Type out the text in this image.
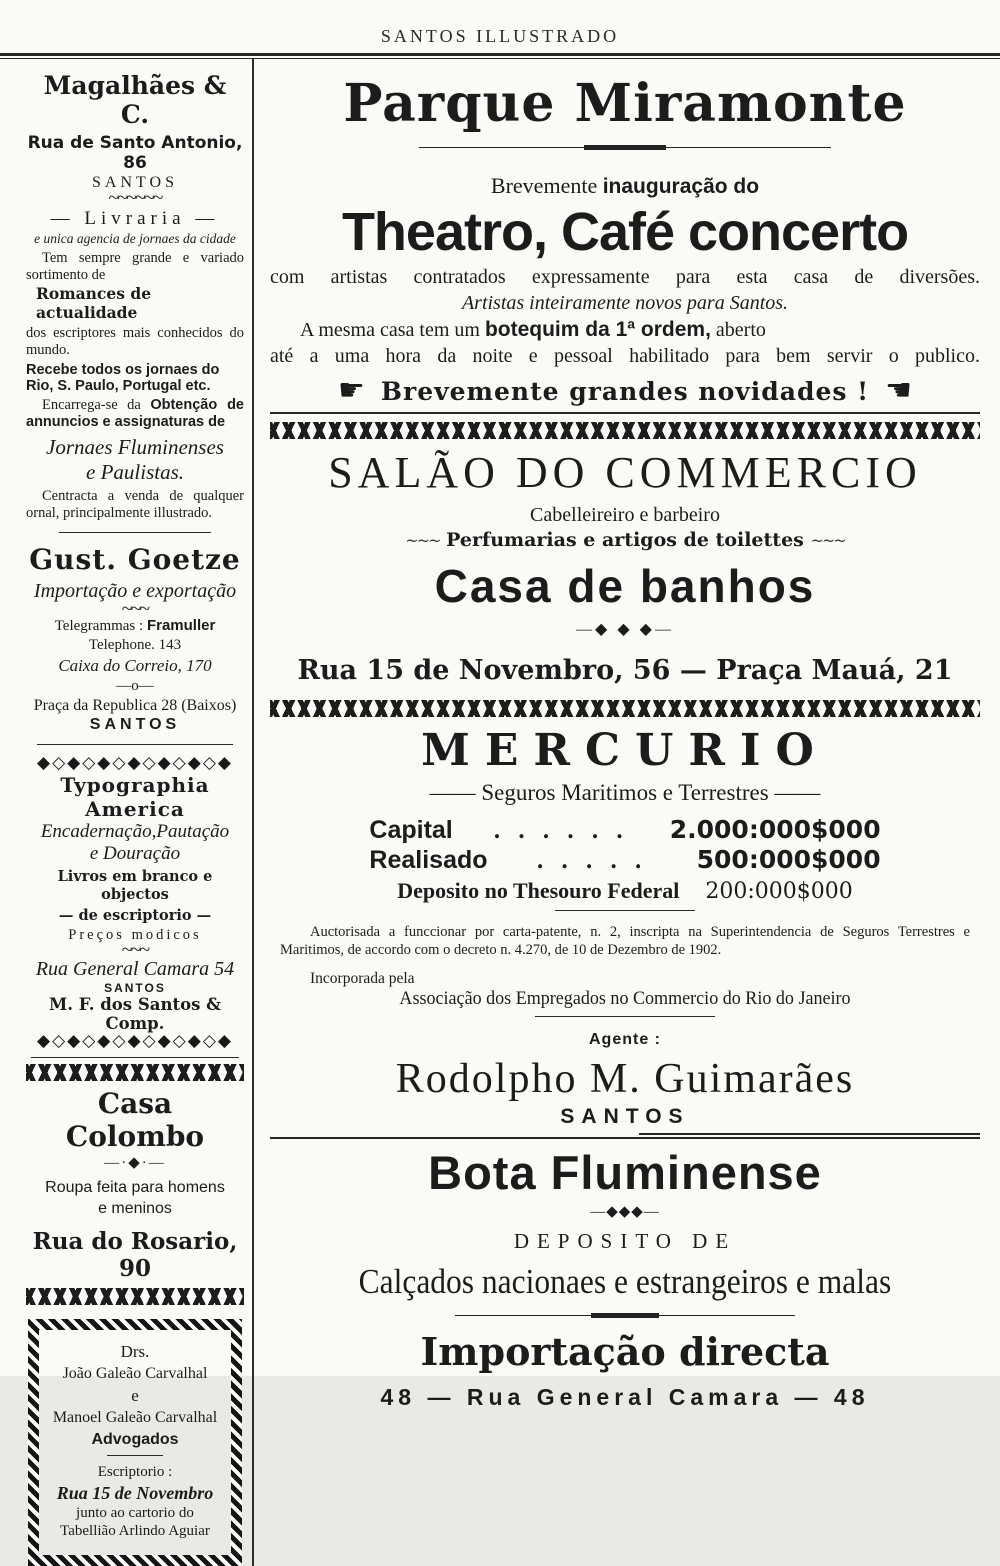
SANTOS ILLUSTRADO
Magalhães & C.
Rua de Santo Antonio, 86
SANTOS
~~~~~~
— Livraria —
e unica agencia de jornaes da cidade
Tem sempre grande e variado sortimento de
Romances de actualidade
dos escriptores mais conhecidos do mundo.
Recebe todos os jornaes do Rio, S. Paulo, Portugal etc.
Encarrega-se da Obtenção de annuncios e assignaturas de
Jornaes Fluminenses
e Paulistas.
Centracta a venda de qualquer ornal, principalmente illustrado.
Gust. Goetze
Importação e exportação
~~~
Telegrammas : Framuller
Telephone. 143
Caixa do Correio, 170
—o—
Praça da Republica 28 (Baixos)
SANTOS
◆◇◆◇◆◇◆◇◆◇◆◇◆
Typographia America
Encadernação,Pautação
e Douração
Livros em branco e objectos
— de escriptorio —
Preços modicos
~~~
Rua General Camara 54
SANTOS
M. F. dos Santos & Comp.
◆◇◆◇◆◇◆◇◆◇◆◇◆
Casa Colombo
—·◆·—
Roupa feita para homens
e meninos
Rua do Rosario, 90
Drs.
João Galeão Carvalhal
e
Manoel Galeão Carvalhal
Advogados
Escriptorio :
Rua 15 de Novembro
junto ao cartorio do
Tabellião Arlindo Aguiar
Parque Miramonte
Brevemente inauguração do
Theatro, Café concerto
com artistas contratados expressamente para esta casa de diversões.
Artistas inteiramente novos para Santos.
A mesma casa tem um botequim da 1ª ordem, aberto
até a uma hora da noite e pessoal habilitado para bem servir o publico.
☛ Brevemente grandes novidades ! ☚
SALÃO DO COMMERCIO
Cabelleireiro e barbeiro
~~~ Perfumarias e artigos de toilettes ~~~
Casa de banhos
—◆ ◆ ◆—
Rua 15 de Novembro, 56 — Praça Mauá, 21
MERCURIO
—— Seguros Maritimos e Terrestres ——
Capital	. . . . . .	2.000:000$000
Realisado	. . . . .	500:000$000
Deposito no Thesouro Federal 200:000$000
Auctorisada a funccionar por carta-patente, n. 2, inscripta na Superintendencia de Seguros Terrestres e Maritimos, de accordo com o decreto n. 4.270, de 10 de Dezembro de 1902.
Incorporada pela
Associação dos Empregados no Commercio do Rio do Janeiro
Agente :
Rodolpho M. Guimarães
SANTOS
Bota Fluminense
—◆◆◆—
DEPOSITO DE
Calçados nacionaes e estrangeiros e malas
Importação directa
48 — Rua General Camara — 48
